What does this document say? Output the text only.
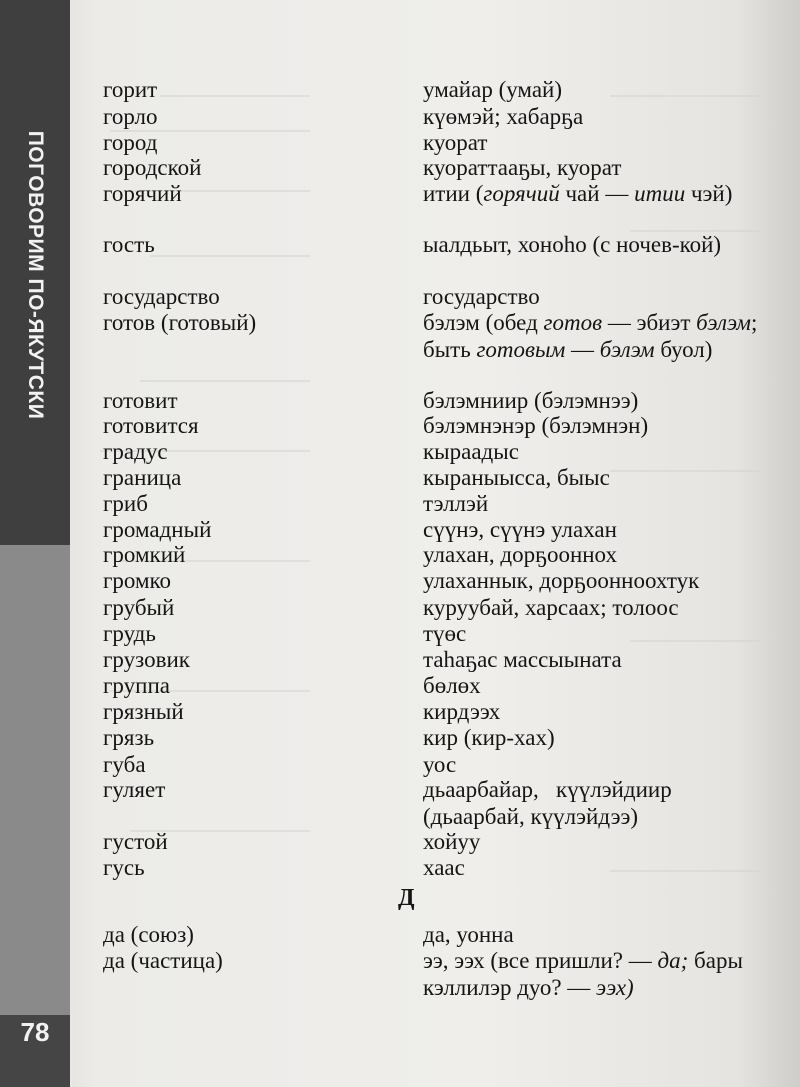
ПОГОВОРИМ ПО-ЯКУТСКИ
78
горит	умайар (умай)
горло	күөмэй; хабарҕа
город	куорат
городской	куораттааҕы, куорат
горячий	итии (горячий чай — итии чэй)
гость	ыалдьыт, хоноһо (с ночев-кой)
государство	государство
готов (готовый)	бэлэм (обед готов — эбиэт бэлэм; быть готовым — бэлэм буол)
готовит	бэлэмниир (бэлэмнээ)
готовится	бэлэмнэнэр (бэлэмнэн)
градус	кыраадыс
граница	кыраныысса, быыс
гриб	тэллэй
громадный	сүүнэ, сүүнэ улахан
громкий	улахан, дорҕооннох
громко	улаханнык, дорҕоонноохтук
грубый	куруубай, харсаах; толоос
грудь	түөс
грузовик	таһаҕас массыыната
группа	бөлөх
грязный	кирдээх
грязь	кир (кир-хах)
губа	уос
гуляет	дьаарбайар,   күүлэйдиир (дьаарбай, күүлэйдээ)
густой	хойуу
гусь	хаас
Д
да (союз)	да, уонна
да (частица)	ээ, ээх (все пришли? — да; бары кэллилэр дуо? — ээх)
